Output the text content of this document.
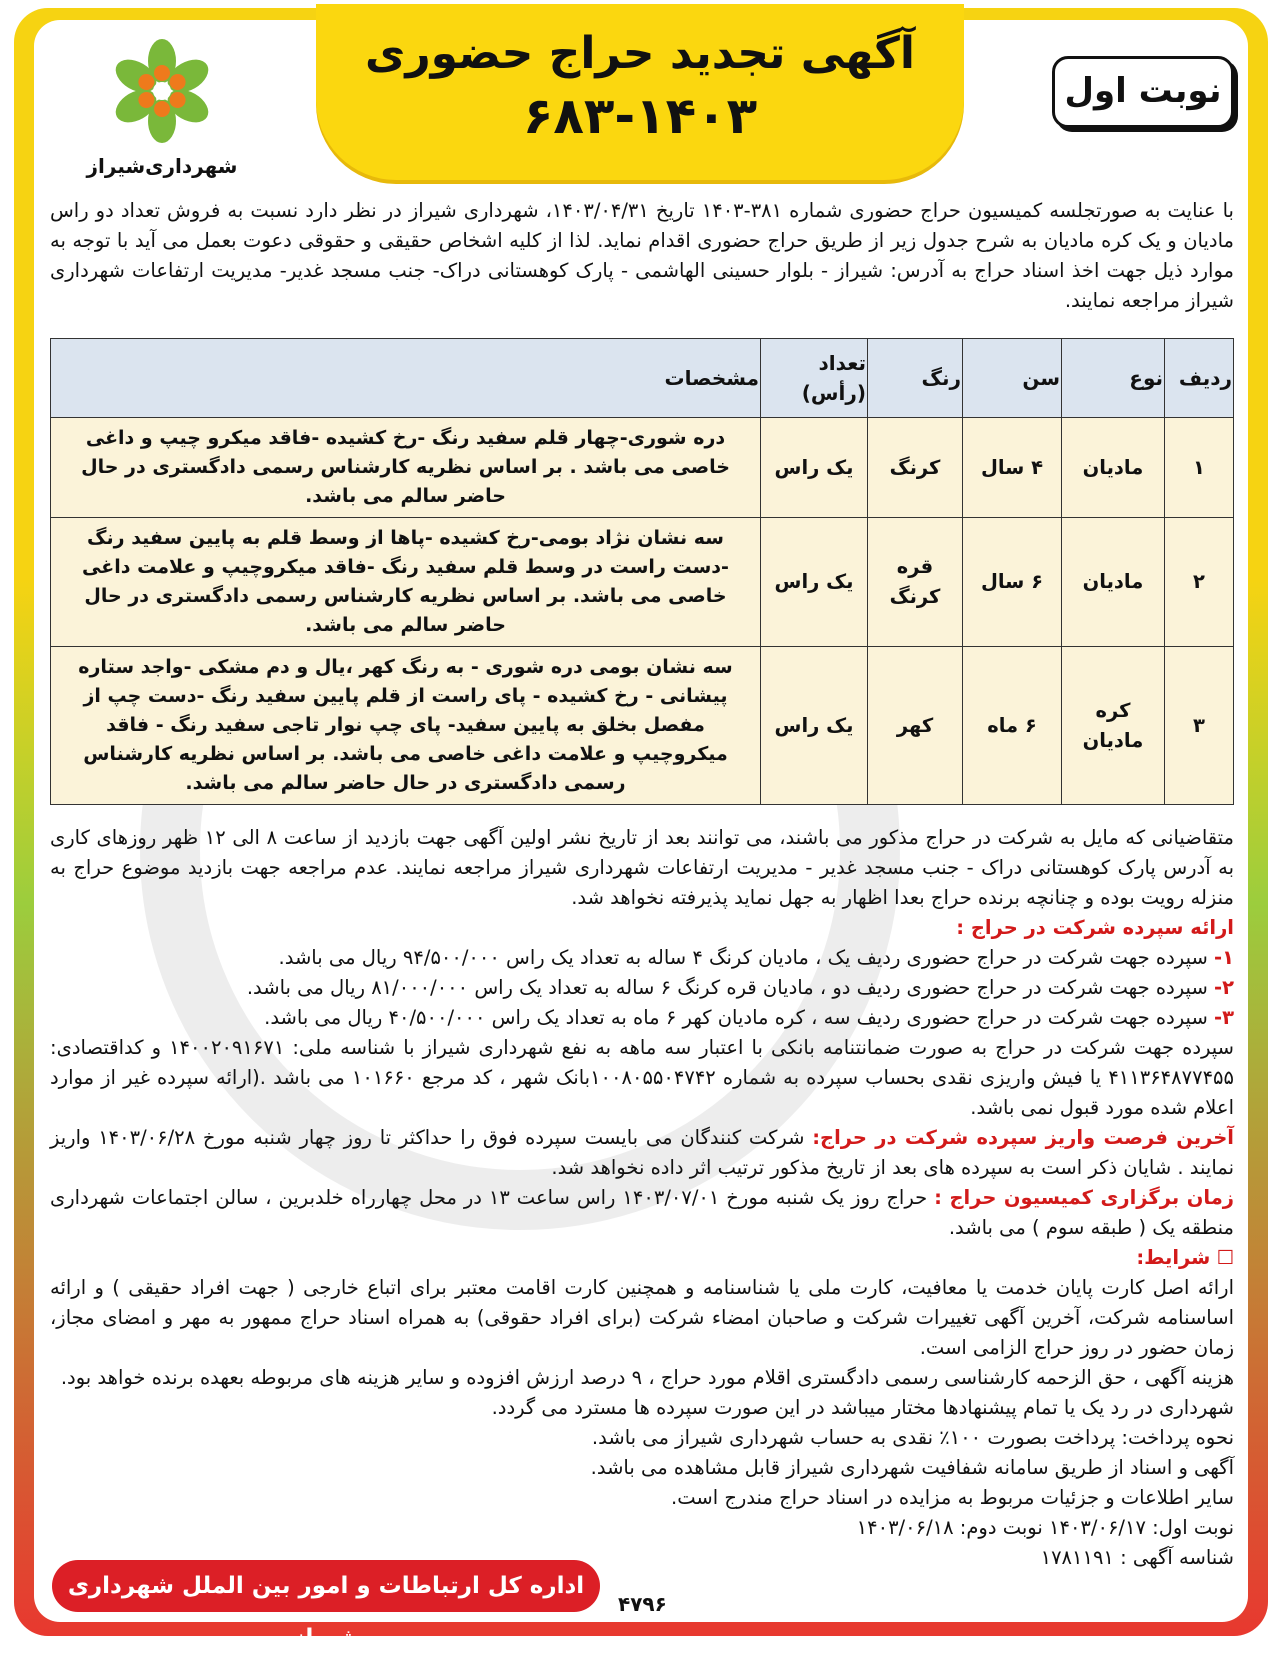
آگهی تجدید حراج حضوری
۶۸۳-۱۴۰۳	نوبت اول
شهرداری‌شیراز

با عنایت به صورتجلسه کمیسیون حراج حضوری شماره ۳۸۱-۱۴۰۳ تاریخ ۱۴۰۳/۰۴/۳۱، شهرداری شیراز در نظر دارد نسبت به فروش تعداد دو راس مادیان و یک کره مادیان به شرح جدول زیر از طریق حراج حضوری اقدام نماید. لذا از کلیه اشخاص حقیقی و حقوقی دعوت بعمل می آید با توجه به موارد ذیل جهت اخذ اسناد حراج به آدرس: شیراز - بلوار حسینی الهاشمی - پارک کوهستانی دراک- جنب مسجد غدیر- مدیریت ارتفاعات شهرداری شیراز مراجعه نمایند.

ردیف	نوع	سن	رنگ	تعداد (رأس)	مشخصات
۱	مادیان	۴ سال	کرنگ	یک راس	دره شوری-چهار قلم سفید رنگ -رخ کشیده -فاقد میکرو چیپ و داغی خاصی می باشد . بر اساس نظریه کارشناس رسمی دادگستری در حال حاضر سالم می باشد.
۲	مادیان	۶ سال	قره کرنگ	یک راس	سه نشان نژاد بومی-رخ کشیده -پاها از وسط قلم به پایین سفید رنگ -دست راست در وسط قلم سفید رنگ -فاقد میکروچیپ و علامت داغی خاصی می باشد. بر اساس نظریه کارشناس رسمی دادگستری در حال حاضر سالم می باشد.
۳	کره مادیان	۶ ماه	کهر	یک راس	سه نشان بومی دره شوری - به رنگ کهر ،یال و دم مشکی -واجد ستاره پیشانی - رخ کشیده - پای راست از قلم پایین سفید رنگ -دست چپ از مفصل بخلق به پایین سفید- پای چپ نوار تاجی سفید رنگ - فاقد میکروچیپ و علامت داغی خاصی می باشد. بر اساس نظریه کارشناس رسمی دادگستری در حال حاضر سالم می باشد.

متقاضیانی که مایل به شرکت در حراج مذکور می باشند، می توانند بعد از تاریخ نشر اولین آگهی جهت بازدید از ساعت ۸ الی ۱۲ ظهر روزهای کاری به آدرس پارک کوهستانی دراک - جنب مسجد غدیر - مدیریت ارتفاعات شهرداری شیراز مراجعه نمایند. عدم مراجعه جهت بازدید موضوع حراج به منزله رویت بوده و چنانچه برنده حراج بعدا اظهار به جهل نماید پذیرفته نخواهد شد.

ارائه سپرده شرکت در حراج :

۱- سپرده جهت شرکت در حراج حضوری ردیف یک ، مادیان کرنگ ۴ ساله به تعداد یک راس ۹۴/۵۰۰/۰۰۰ ریال می باشد.

۲- سپرده جهت شرکت در حراج حضوری ردیف دو ، مادیان قره کرنگ ۶ ساله به تعداد یک راس ۸۱/۰۰۰/۰۰۰ ریال می باشد.

۳- سپرده جهت شرکت در حراج حضوری ردیف سه ، کره مادیان کهر ۶ ماه به تعداد یک راس ۴۰/۵۰۰/۰۰۰ ریال می باشد.

سپرده جهت شرکت در حراج به صورت ضمانتنامه بانکی با اعتبار سه ماهه به نفع شهرداری شیراز با شناسه ملی: ۱۴۰۰۲۰۹۱۶۷۱ و کداقتصادی: ۴۱۱۳۶۴۸۷۷۴۵۵ یا فیش واریزی نقدی بحساب سپرده به شماره ۱۰۰۸۰۵۵۰۴۷۴۲بانک شهر ، کد مرجع ۱۰۱۶۶۰ می باشد .(ارائه سپرده غیر از موارد اعلام شده مورد قبول نمی باشد.

آخرین فرصت واریز سپرده شرکت در حراج: شرکت کنندگان می بایست سپرده فوق را حداکثر تا روز چهار شنبه مورخ ۱۴۰۳/۰۶/۲۸ واریز نمایند . شایان ذکر است به سپرده های بعد از تاریخ مذکور ترتیب اثر داده نخواهد شد.

زمان برگزاری کمیسیون حراج : حراج روز یک شنبه مورخ ۱۴۰۳/۰۷/۰۱ راس ساعت ۱۳ در محل چهارراه خلدبرین ، سالن اجتماعات شهرداری منطقه یک ( طبقه سوم ) می باشد.

☐ شرایط:

ارائه اصل کارت پایان خدمت یا معافیت، کارت ملی یا شناسنامه و همچنین کارت اقامت معتبر برای اتباع خارجی ( جهت افراد حقیقی ) و ارائه اساسنامه شرکت، آخرین آگهی تغییرات شرکت و صاحبان امضاء شرکت (برای افراد حقوقی) به همراه اسناد حراج ممهور به مهر و امضای مجاز، زمان حضور در روز حراج الزامی است.

هزینه آگهی ، حق الزحمه کارشناسی رسمی دادگستری اقلام مورد حراج ، ۹ درصد ارزش افزوده و سایر هزینه های مربوطه بعهده برنده خواهد بود.

شهرداری در رد یک یا تمام پیشنهادها مختار میباشد در این صورت سپرده ها مسترد می گردد.

نحوه پرداخت: پرداخت بصورت ۱۰۰٪ نقدی به حساب شهرداری شیراز می باشد.

آگهی و اسناد از طریق سامانه شفافیت شهرداری شیراز قابل مشاهده می باشد.

سایر اطلاعات و جزئیات مربوط به مزایده در اسناد حراج مندرج است.

نوبت اول: ۱۴۰۳/۰۶/۱۷ نوبت دوم: ۱۴۰۳/۰۶/۱۸

شناسه آگهی : ۱۷۸۱۱۹۱

اداره کل ارتباطات و امور بین الملل شهرداری شیراز
۴۷۹۶
